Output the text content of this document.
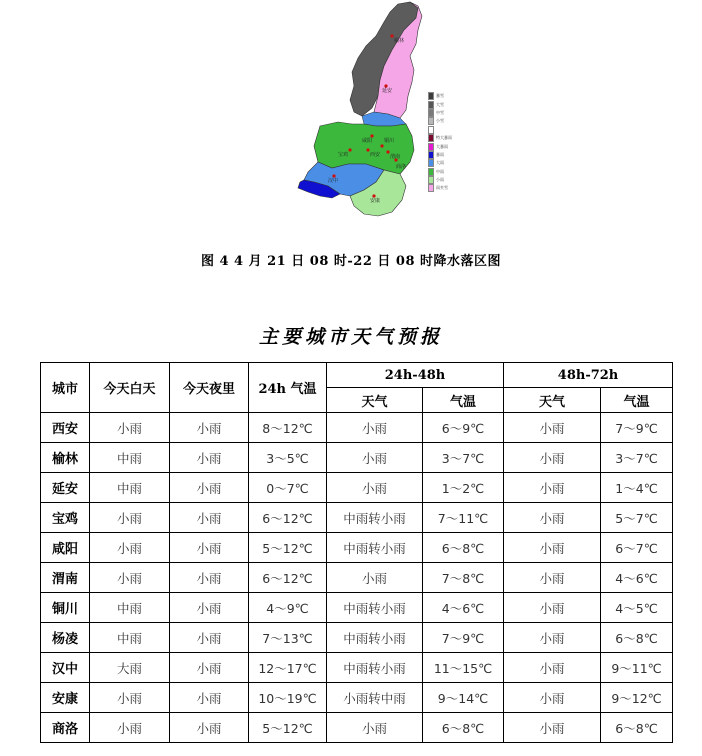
榆林
延安
咸阳 铜川
宝鸡	西安 渭南
汉中
安康
商洛
暴雪
大雪
中雪
小雪
特大暴雨
大暴雨
暴雨
大雨
中雨
小雨
雨夹雪
图 4 4 月 21 日 08 时-22 日 08 时降水落区图
主要城市天气预报
城市	今天白天	今天夜里	24h 气温	24h-48h		48h-72h	
				天气	气温	天气	气温
西安	小雨	小雨	8～12℃	小雨	6～9℃	小雨	7～9℃
榆林	中雨	小雨	3～5℃	小雨	3～7℃	小雨	3～7℃
延安	中雨	小雨	0～7℃	小雨	1～2℃	小雨	1～4℃
宝鸡	小雨	小雨	6～12℃	中雨转小雨	7～11℃	小雨	5～7℃
咸阳	小雨	小雨	5～12℃	中雨转小雨	6～8℃	小雨	6～7℃
渭南	小雨	小雨	6～12℃	小雨	7～8℃	小雨	4～6℃
铜川	中雨	小雨	4～9℃	中雨转小雨	4～6℃	小雨	4～5℃
杨凌	中雨	小雨	7～13℃	中雨转小雨	7～9℃	小雨	6～8℃
汉中	大雨	小雨	12～17℃	中雨转小雨	11～15℃	小雨	9～11℃
安康	小雨	小雨	10～19℃	小雨转中雨	9～14℃	小雨	9～12℃
商洛	小雨	小雨	5～12℃	小雨	6～8℃	小雨	6～8℃
